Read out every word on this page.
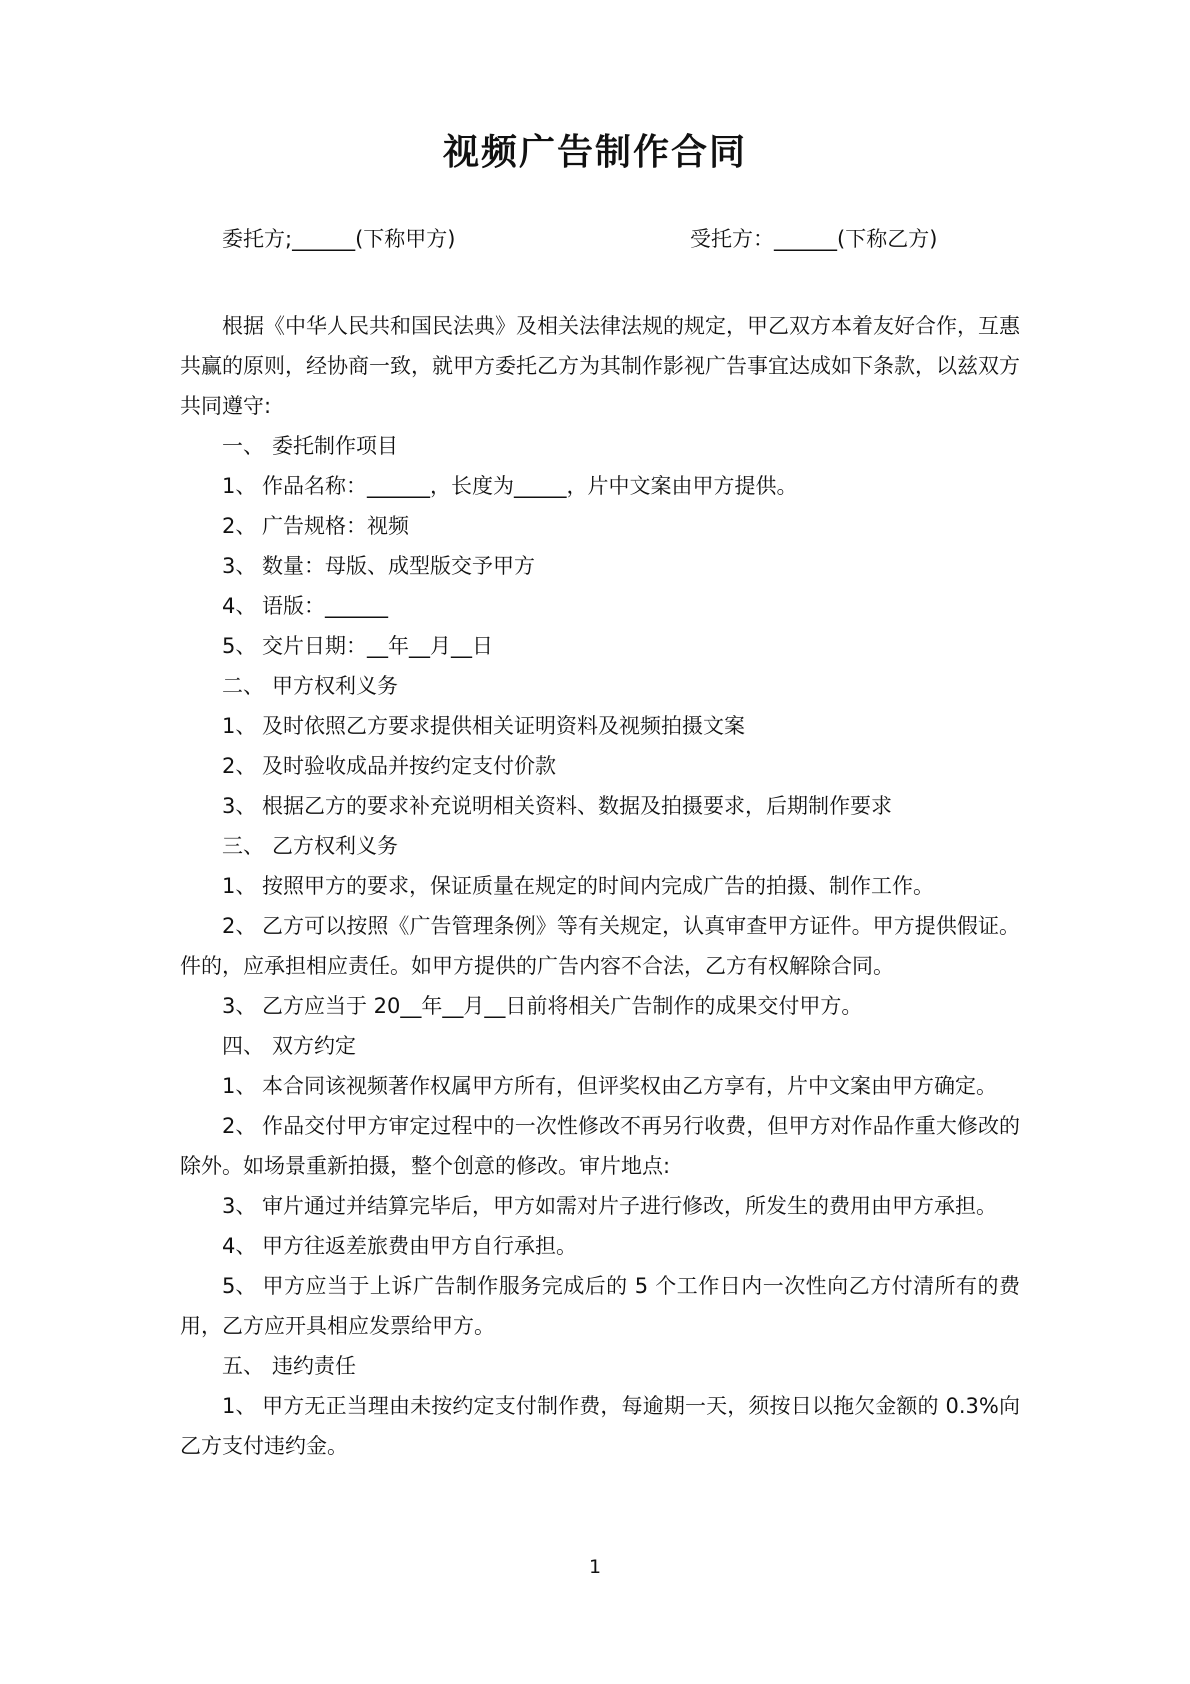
视频广告制作合同
委托方;______(下称甲方)	受托方：______(下称乙方)

根据《中华人民共和国民法典》及相关法律法规的规定，甲乙双方本着友好合作，互惠共赢的原则，经协商一致，就甲方委托乙方为其制作影视广告事宜达成如下条款，以兹双方共同遵守:

一、 委托制作项目

1、 作品名称：______，长度为_____，片中文案由甲方提供。

2、 广告规格：视频

3、 数量：母版、成型版交予甲方

4、 语版：______

5、 交片日期：__年__月__日

二、 甲方权利义务

1、 及时依照乙方要求提供相关证明资料及视频拍摄文案

2、 及时验收成品并按约定支付价款

3、 根据乙方的要求补充说明相关资料、数据及拍摄要求，后期制作要求

三、 乙方权利义务

1、 按照甲方的要求，保证质量在规定的时间内完成广告的拍摄、制作工作。

2、 乙方可以按照《广告管理条例》等有关规定，认真审查甲方证件。甲方提供假证。件的，应承担相应责任。如甲方提供的广告内容不合法，乙方有权解除合同。

3、 乙方应当于 20__年__月__日前将相关广告制作的成果交付甲方。

四、 双方约定

1、 本合同该视频著作权属甲方所有，但评奖权由乙方享有，片中文案由甲方确定。

2、 作品交付甲方审定过程中的一次性修改不再另行收费，但甲方对作品作重大修改的除外。如场景重新拍摄，整个创意的修改。审片地点:

3、 审片通过并结算完毕后，甲方如需对片子进行修改，所发生的费用由甲方承担。

4、 甲方往返差旅费由甲方自行承担。

5、 甲方应当于上诉广告制作服务完成后的 5 个工作日内一次性向乙方付清所有的费用，乙方应开具相应发票给甲方。

五、 违约责任

1、 甲方无正当理由未按约定支付制作费，每逾期一天，须按日以拖欠金额的 0.3%向乙方支付违约金。

1
